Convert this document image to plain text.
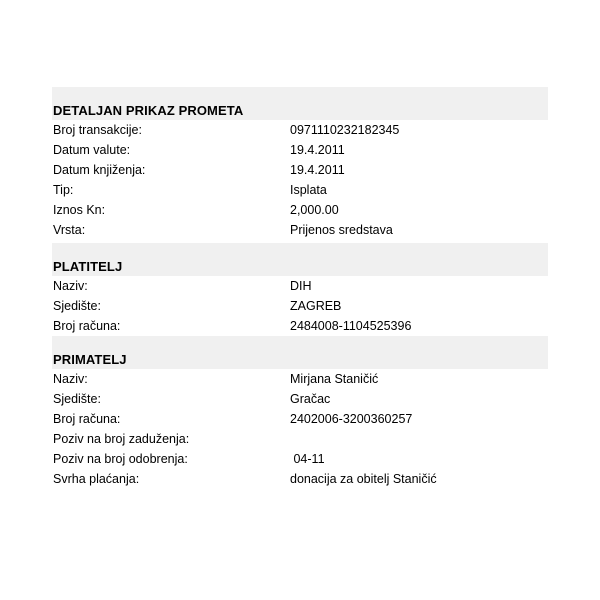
DETALJAN PRIKAZ PROMETA
Broj transakcije:	0971110232182345
Datum valute:	19.4.2011
Datum knjiženja:	19.4.2011
Tip:	Isplata
Iznos Kn:	2,000.00
Vrsta:	Prijenos sredstava
PLATITELJ
Naziv:	DIH
Sjedište:	ZAGREB
Broj računa:	2484008-1104525396
PRIMATELJ
Naziv:	Mirjana Staničić
Sjedište:	Gračac
Broj računa:	2402006-3200360257
Poziv na broj zaduženja:
Poziv na broj odobrenja:	04-11
Svrha plaćanja:	donacija za obitelj Staničić
